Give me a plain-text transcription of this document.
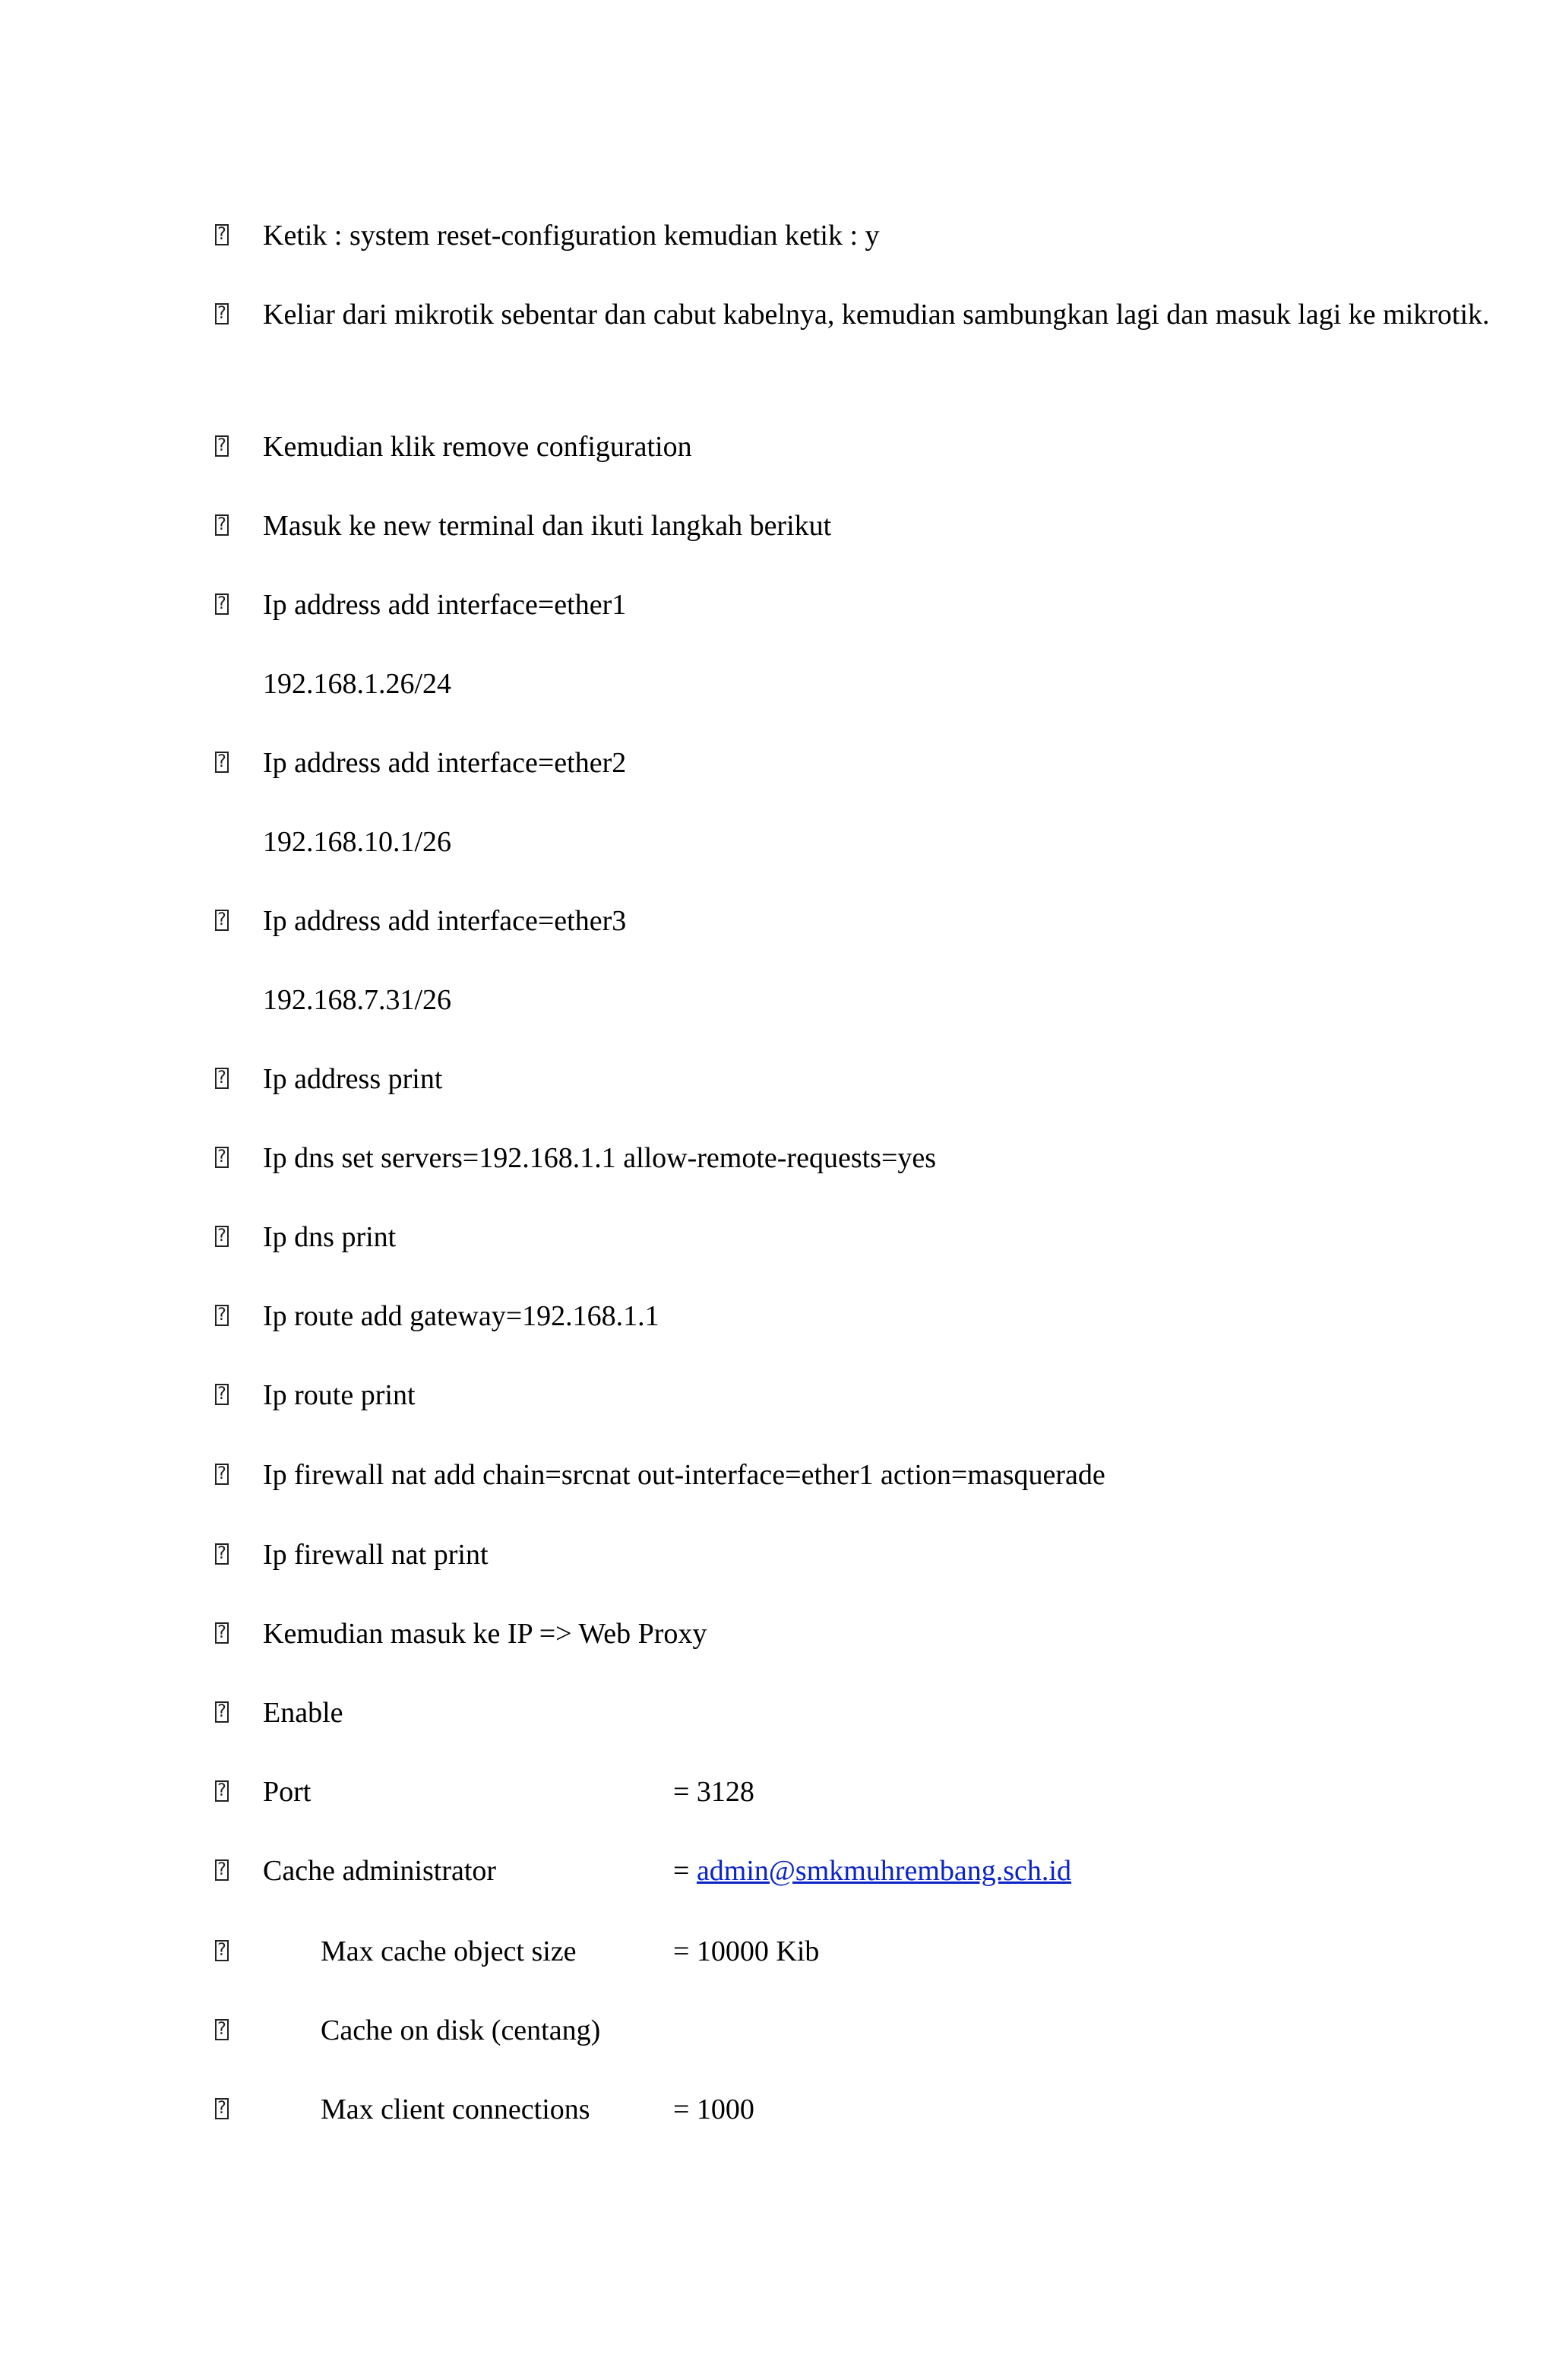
? Ketik : system reset-configuration kemudian ketik : y
? Keliar dari mikrotik sebentar dan cabut kabelnya, kemudian sambungkan lagi dan masuk lagi ke mikrotik.
? Kemudian klik remove configuration
? Masuk ke new terminal dan ikuti langkah berikut
? Ip address add interface=ether1
192.168.1.26/24
? Ip address add interface=ether2
192.168.10.1/26
? Ip address add interface=ether3
192.168.7.31/26
? Ip address print
? Ip dns set servers=192.168.1.1 allow-remote-requests=yes
? Ip dns print
? Ip route add gateway=192.168.1.1
? Ip route print
? Ip firewall nat add chain=srcnat out-interface=ether1 action=masquerade
? Ip firewall nat print
? Kemudian masuk ke IP => Web Proxy
? Enable
? Port	= 3128
? Cache administrator	= admin@smkmuhrembang.sch.id
?	Max cache object size	= 10000 Kib
?	Cache on disk (centang)
?	Max client connections	= 1000
